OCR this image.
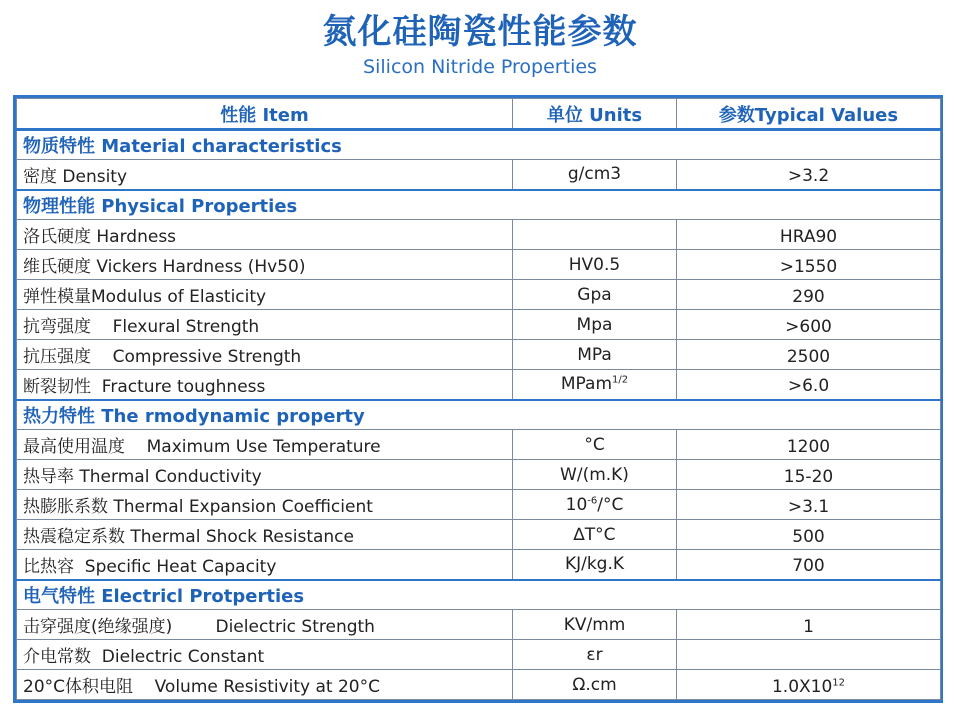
氮化硅陶瓷性能参数
Silicon Nitride Properties
性能 Item	单位 Units	参数Typical Values
物质特性 Material characteristics		
密度 Density	g/cm3	>3.2
物理性能 Physical Properties		
洛氏硬度 Hardness		HRA90
维氏硬度 Vickers Hardness (Hv50)	HV0.5	>1550
弹性模量Modulus of Elasticity	Gpa	290
抗弯强度    Flexural Strength	Mpa	>600
抗压强度    Compressive Strength	MPa	2500
断裂韧性  Fracture toughness	MPam$^{1/2}$	>6.0
热力特性 The rmodynamic property		
最高使用温度    Maximum Use Temperature	°C	1200
热导率 Thermal Conductivity	W/(m.K)	15-20
热膨胀系数 Thermal Expansion Coefficient	$10^{-6}/^\circ C$	>3.1
热震稳定系数 Thermal Shock Resistance	∆T°C	500
比热容  Specific Heat Capacity	KJ/kg.K	700
电气特性 Electricl Protperties		
击穿强度(绝缘强度)        Dielectric Strength	KV/mm	1
介电常数  Dielectric Constant	εr	
20°C体积电阻    Volume Resistivity at 20°C	Ω.cm	$1.0X10^{12}$
